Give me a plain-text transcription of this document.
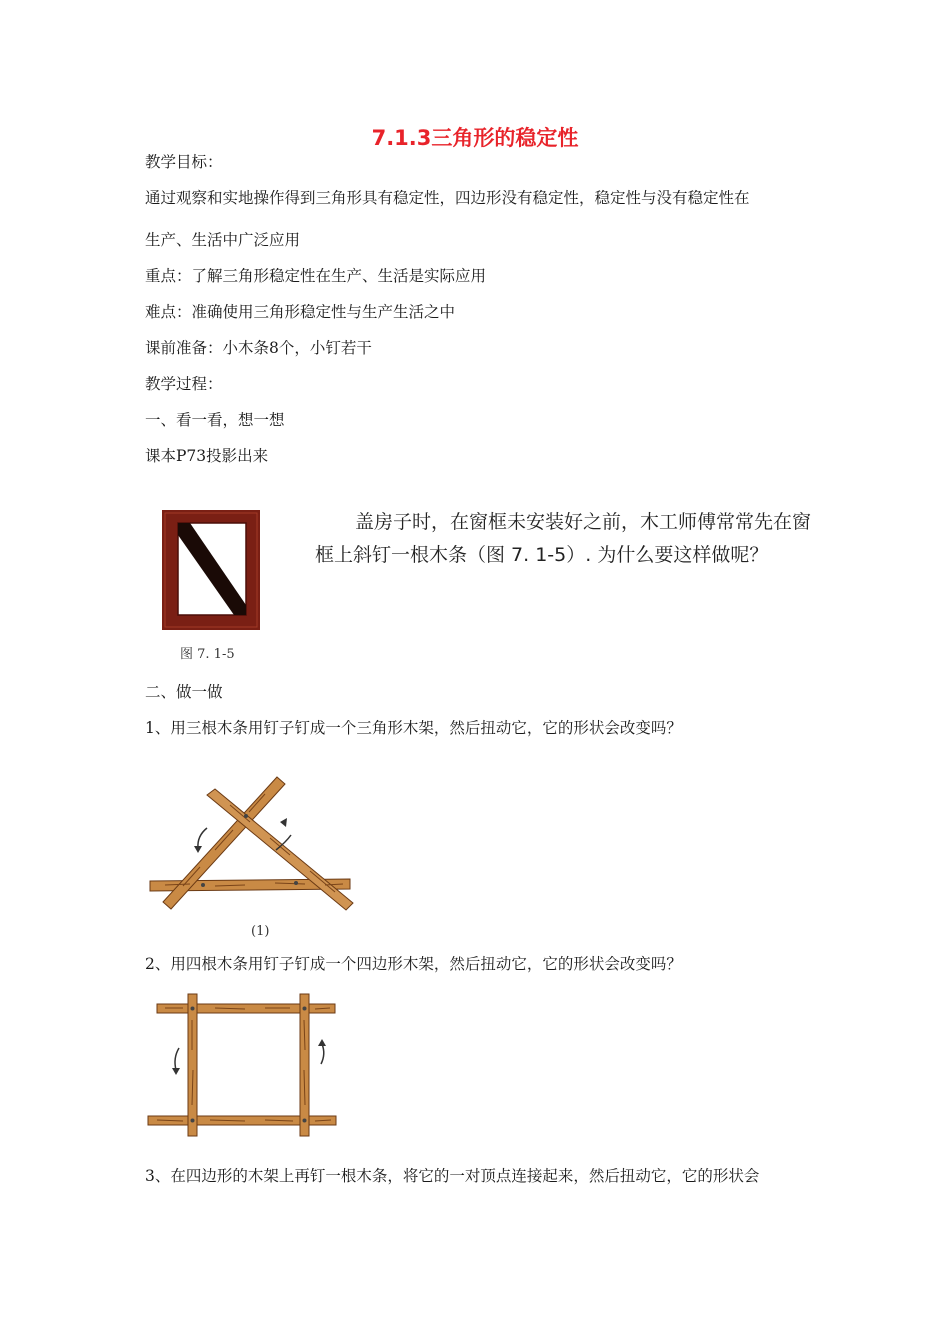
7.1.3三角形的稳定性
教学目标：
通过观察和实地操作得到三角形具有稳定性，四边形没有稳定性，稳定性与没有稳定性在
生产、生活中广泛应用
重点：了解三角形稳定性在生产、生活是实际应用
难点：准确使用三角形稳定性与生产生活之中
课前准备：小木条8个，小钉若干
教学过程：
一、看一看，想一想
课本P73投影出来
图 7. 1-5
盖房子时，在窗框未安装好之前，木工师傅常常先在窗框上斜钉一根木条（图 7. 1-5）. 为什么要这样做呢？
二、做一做
1、用三根木条用钉子钉成一个三角形木架，然后扭动它，它的形状会改变吗？
(1)
2、用四根木条用钉子钉成一个四边形木架，然后扭动它，它的形状会改变吗？
3、在四边形的木架上再钉一根木条，将它的一对顶点连接起来，然后扭动它，它的形状会
